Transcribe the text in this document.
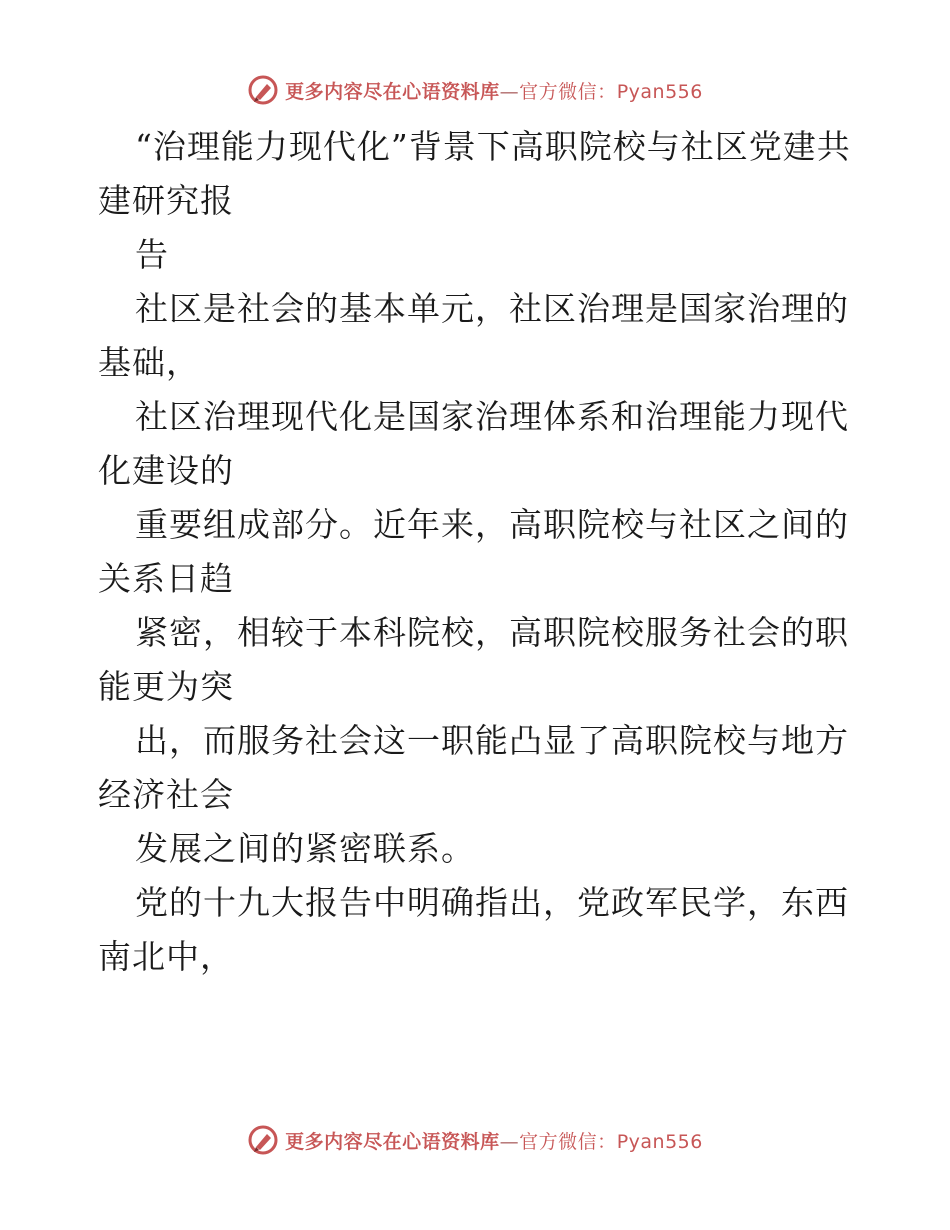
更多内容尽在心语资料库—官方微信：Pyan556

“治理能力现代化”背景下高职院校与社区党建共建研究报

告

社区是社会的基本单元，社区治理是国家治理的基础，

社区治理现代化是国家治理体系和治理能力现代化建设的

重要组成部分。近年来，高职院校与社区之间的关系日趋

紧密，相较于本科院校，高职院校服务社会的职能更为突

出，而服务社会这一职能凸显了高职院校与地方经济社会

发展之间的紧密联系。

党的十九大报告中明确指出，党政军民学，东西南北中，

更多内容尽在心语资料库—官方微信：Pyan556
